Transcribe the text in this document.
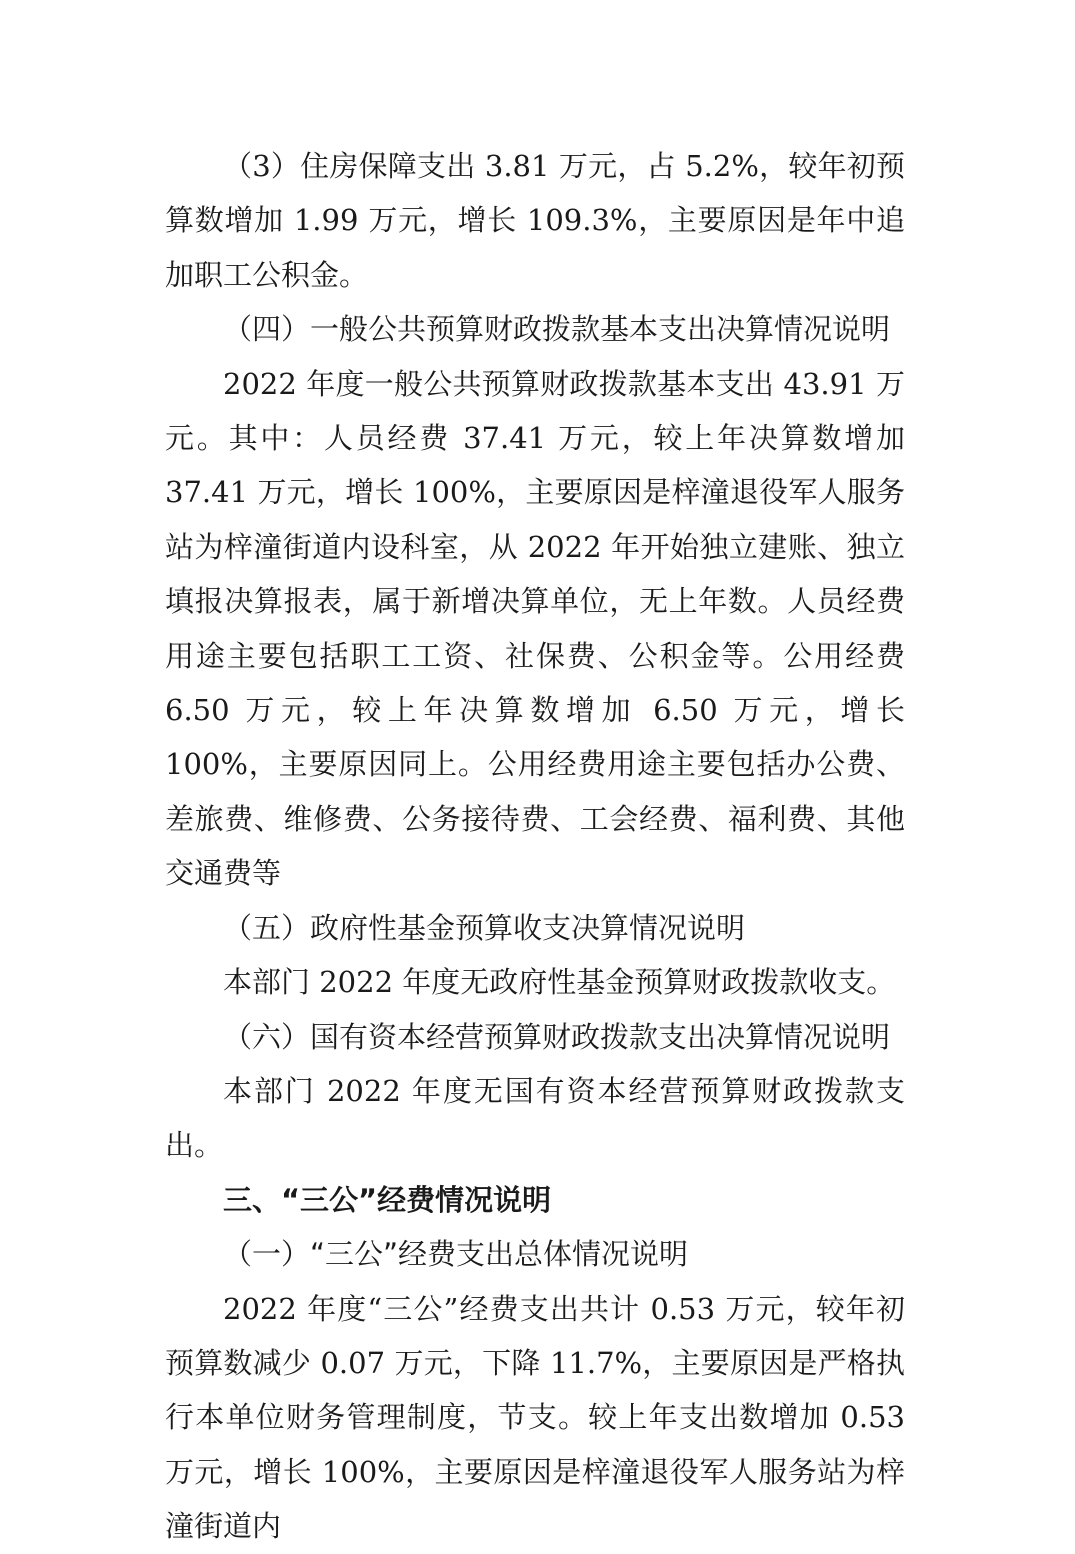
（3）住房保障支出 3.81 万元，占 5.2%，较年初预算数增加 1.99 万元，增长 109.3%，主要原因是年中追加职工公积金。

（四）一般公共预算财政拨款基本支出决算情况说明

2022 年度一般公共预算财政拨款基本支出 43.91 万元。其中：人员经费 37.41 万元，较上年决算数增加 37.41 万元，增长 100%，主要原因是梓潼退役军人服务站为梓潼街道内设科室，从 2022 年开始独立建账、独立填报决算报表，属于新增决算单位，无上年数。人员经费用途主要包括职工工资、社保费、公积金等。公用经费 6.50 万元，较上年决算数增加 6.50 万元，增长 100%，主要原因同上。公用经费用途主要包括办公费、差旅费、维修费、公务接待费、工会经费、福利费、其他交通费等

（五）政府性基金预算收支决算情况说明

本部门 2022 年度无政府性基金预算财政拨款收支。

（六）国有资本经营预算财政拨款支出决算情况说明

本部门 2022 年度无国有资本经营预算财政拨款支出。

三、“三公”经费情况说明

（一）“三公”经费支出总体情况说明

2022 年度“三公”经费支出共计 0.53 万元，较年初预算数减少 0.07 万元，下降 11.7%，主要原因是严格执行本单位财务管理制度，节支。较上年支出数增加 0.53 万元，增长 100%，主要原因是梓潼退役军人服务站为梓潼街道内
